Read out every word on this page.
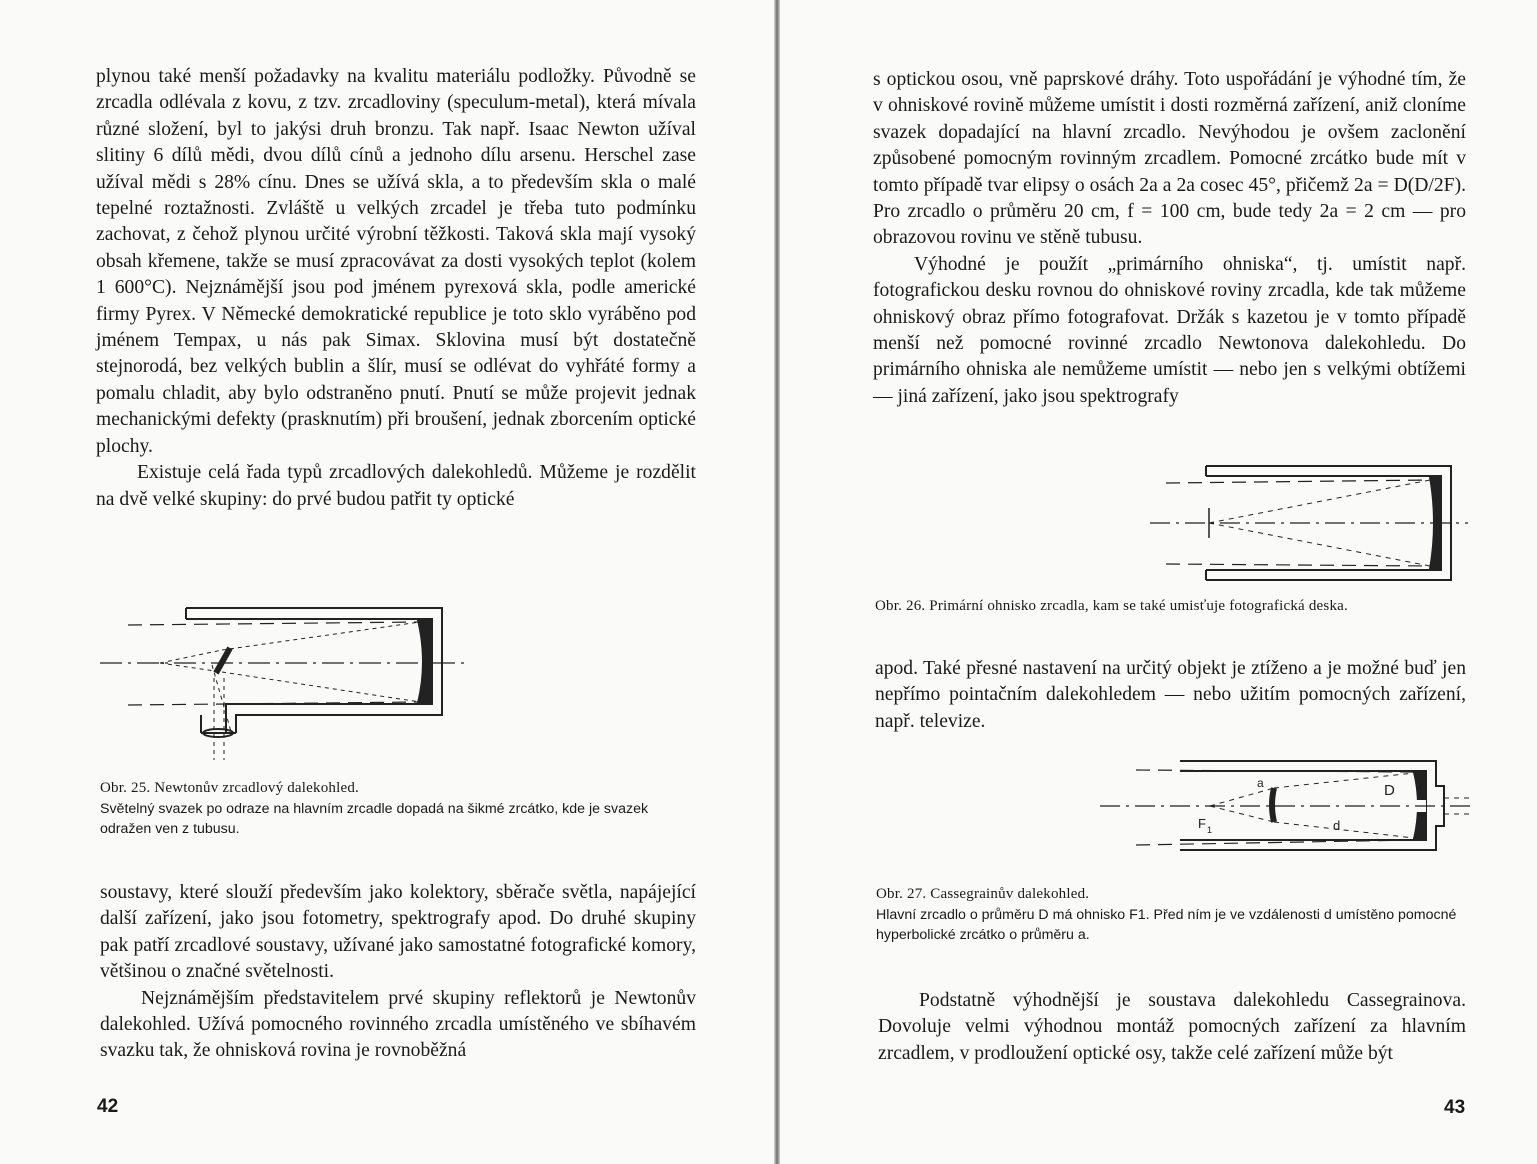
plynou také menší požadavky na kvalitu materiálu podložky. Původně se zrcadla odlévala z kovu, z tzv. zrcadloviny (speculum-metal), která mívala různé složení, byl to jakýsi druh bronzu. Tak např. Isaac Newton užíval slitiny 6 dílů mědi, dvou dílů cínů a jednoho dílu arsenu. Herschel zase užíval mědi s 28% cínu. Dnes se užívá skla, a to především skla o malé tepelné roztažnosti. Zvláště u velkých zrcadel je třeba tuto podmínku zachovat, z čehož plynou určité výrobní těžkosti. Taková skla mají vysoký obsah křemene, takže se musí zpracovávat za dosti vysokých teplot (kolem 1 600°C). Nejznámější jsou pod jménem pyrexová skla, podle americké firmy Pyrex. V Německé demokratické republice je toto sklo vyráběno pod jménem Tempax, u nás pak Simax. Sklovina musí být dostatečně stejnorodá, bez velkých bublin a šlír, musí se odlévat do vyhřáté formy a pomalu chladit, aby bylo odstraněno pnutí. Pnutí se může projevit jednak mechanickými defekty (prasknutím) při broušení, jednak zborcením optické plochy.

Existuje celá řada typů zrcadlových dalekohledů. Můžeme je rozdělit na dvě velké skupiny: do prvé budou patřit ty optické

Obr. 25. Newtonův zrcadlový dalekohled.
Světelný svazek po odraze na hlavním zrcadle dopadá na šikmé zrcátko, kde je svazek odražen ven z tubusu.

soustavy, které slouží především jako kolektory, sběrače světla, napájející další zařízení, jako jsou fotometry, spektrografy apod. Do druhé skupiny pak patří zrcadlové soustavy, užívané jako samostatné fotografické komory, většinou o značné světelnosti.

Nejznámějším představitelem prvé skupiny reflektorů je Newtonův dalekohled. Užívá pomocného rovinného zrcadla umístěného ve sbíhavém svazku tak, že ohnisková rovina je rovnoběžná

42

s optickou osou, vně paprskové dráhy. Toto uspořádání je výhodné tím, že v ohniskové rovině můžeme umístit i dosti rozměrná zařízení, aniž cloníme svazek dopadající na hlavní zrcadlo. Nevýhodou je ovšem zaclonění způsobené pomocným rovinným zrcadlem. Pomocné zrcátko bude mít v tomto případě tvar elipsy o osách 2a a 2a cosec 45°, přičemž 2a = D(D/2F). Pro zrcadlo o průměru 20 cm, f = 100 cm, bude tedy 2a = 2 cm — pro obrazovou rovinu ve stěně tubusu.

Výhodné je použít „primárního ohniska“, tj. umístit např. fotografickou desku rovnou do ohniskové roviny zrcadla, kde tak můžeme ohniskový obraz přímo fotografovat. Držák s kazetou je v tomto případě menší než pomocné rovinné zrcadlo Newtonova dalekohledu. Do primárního ohniska ale nemůžeme umístit — nebo jen s velkými obtížemi — jiná zařízení, jako jsou spektrografy

Obr. 26. Primární ohnisko zrcadla, kam se také umisťuje fotografická deska.

apod. Také přesné nastavení na určitý objekt je ztíženo a je možné buď jen nepřímo pointačním dalekohledem — nebo užitím pomocných zařízení, např. televize.

a	D
F 1	d
Obr. 27. Cassegrainův dalekohled.
Hlavní zrcadlo o průměru D má ohnisko F1. Před ním je ve vzdálenosti d umístěno pomocné hyperbolické zrcátko o průměru a.

Podstatně výhodnější je soustava dalekohledu Cassegrainova. Dovoluje velmi výhodnou montáž pomocných zařízení za hlavním zrcadlem, v prodloužení optické osy, takže celé zařízení může být

43
